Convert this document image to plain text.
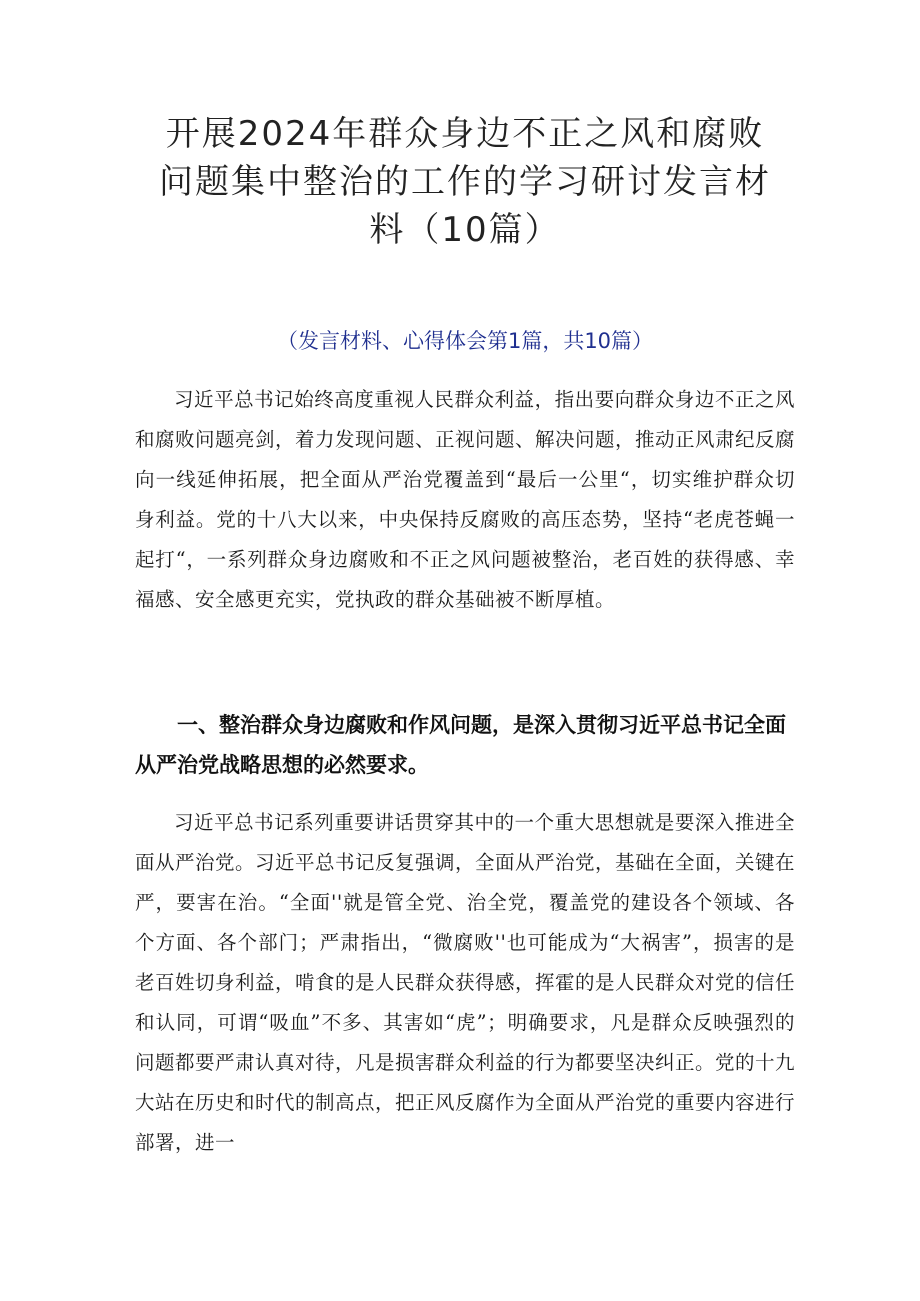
开展2024年群众身边不正之风和腐败问题集中整治的工作的学习研讨发言材料（10篇）

（发言材料、心得体会第1篇，共10篇）

习近平总书记始终高度重视人民群众利益，指出要向群众身边不正之风和腐败问题亮剑，着力发现问题、正视问题、解决问题，推动正风肃纪反腐向一线延伸拓展，把全面从严治党覆盖到“最后一公里“，切实维护群众切身利益。党的十八大以来，中央保持反腐败的高压态势，坚持“老虎苍蝇一起打“，一系列群众身边腐败和不正之风问题被整治，老百姓的获得感、幸福感、安全感更充实，党执政的群众基础被不断厚植。

一、整治群众身边腐败和作风问题，是深入贯彻习近平总书记全面从严治党战略思想的必然要求。

习近平总书记系列重要讲话贯穿其中的一个重大思想就是要深入推进全面从严治党。习近平总书记反复强调，全面从严治党，基础在全面，关键在严，要害在治。“全面''就是管全党、治全党，覆盖党的建设各个领域、各个方面、各个部门；严肃指出，“微腐败''也可能成为“大祸害”，损害的是老百姓切身利益，啃食的是人民群众获得感，挥霍的是人民群众对党的信任和认同，可谓“吸血”不多、其害如“虎”；明确要求，凡是群众反映强烈的问题都要严肃认真对待，凡是损害群众利益的行为都要坚决纠正。党的十九大站在历史和时代的制高点，把正风反腐作为全面从严治党的重要内容进行部署，进一
